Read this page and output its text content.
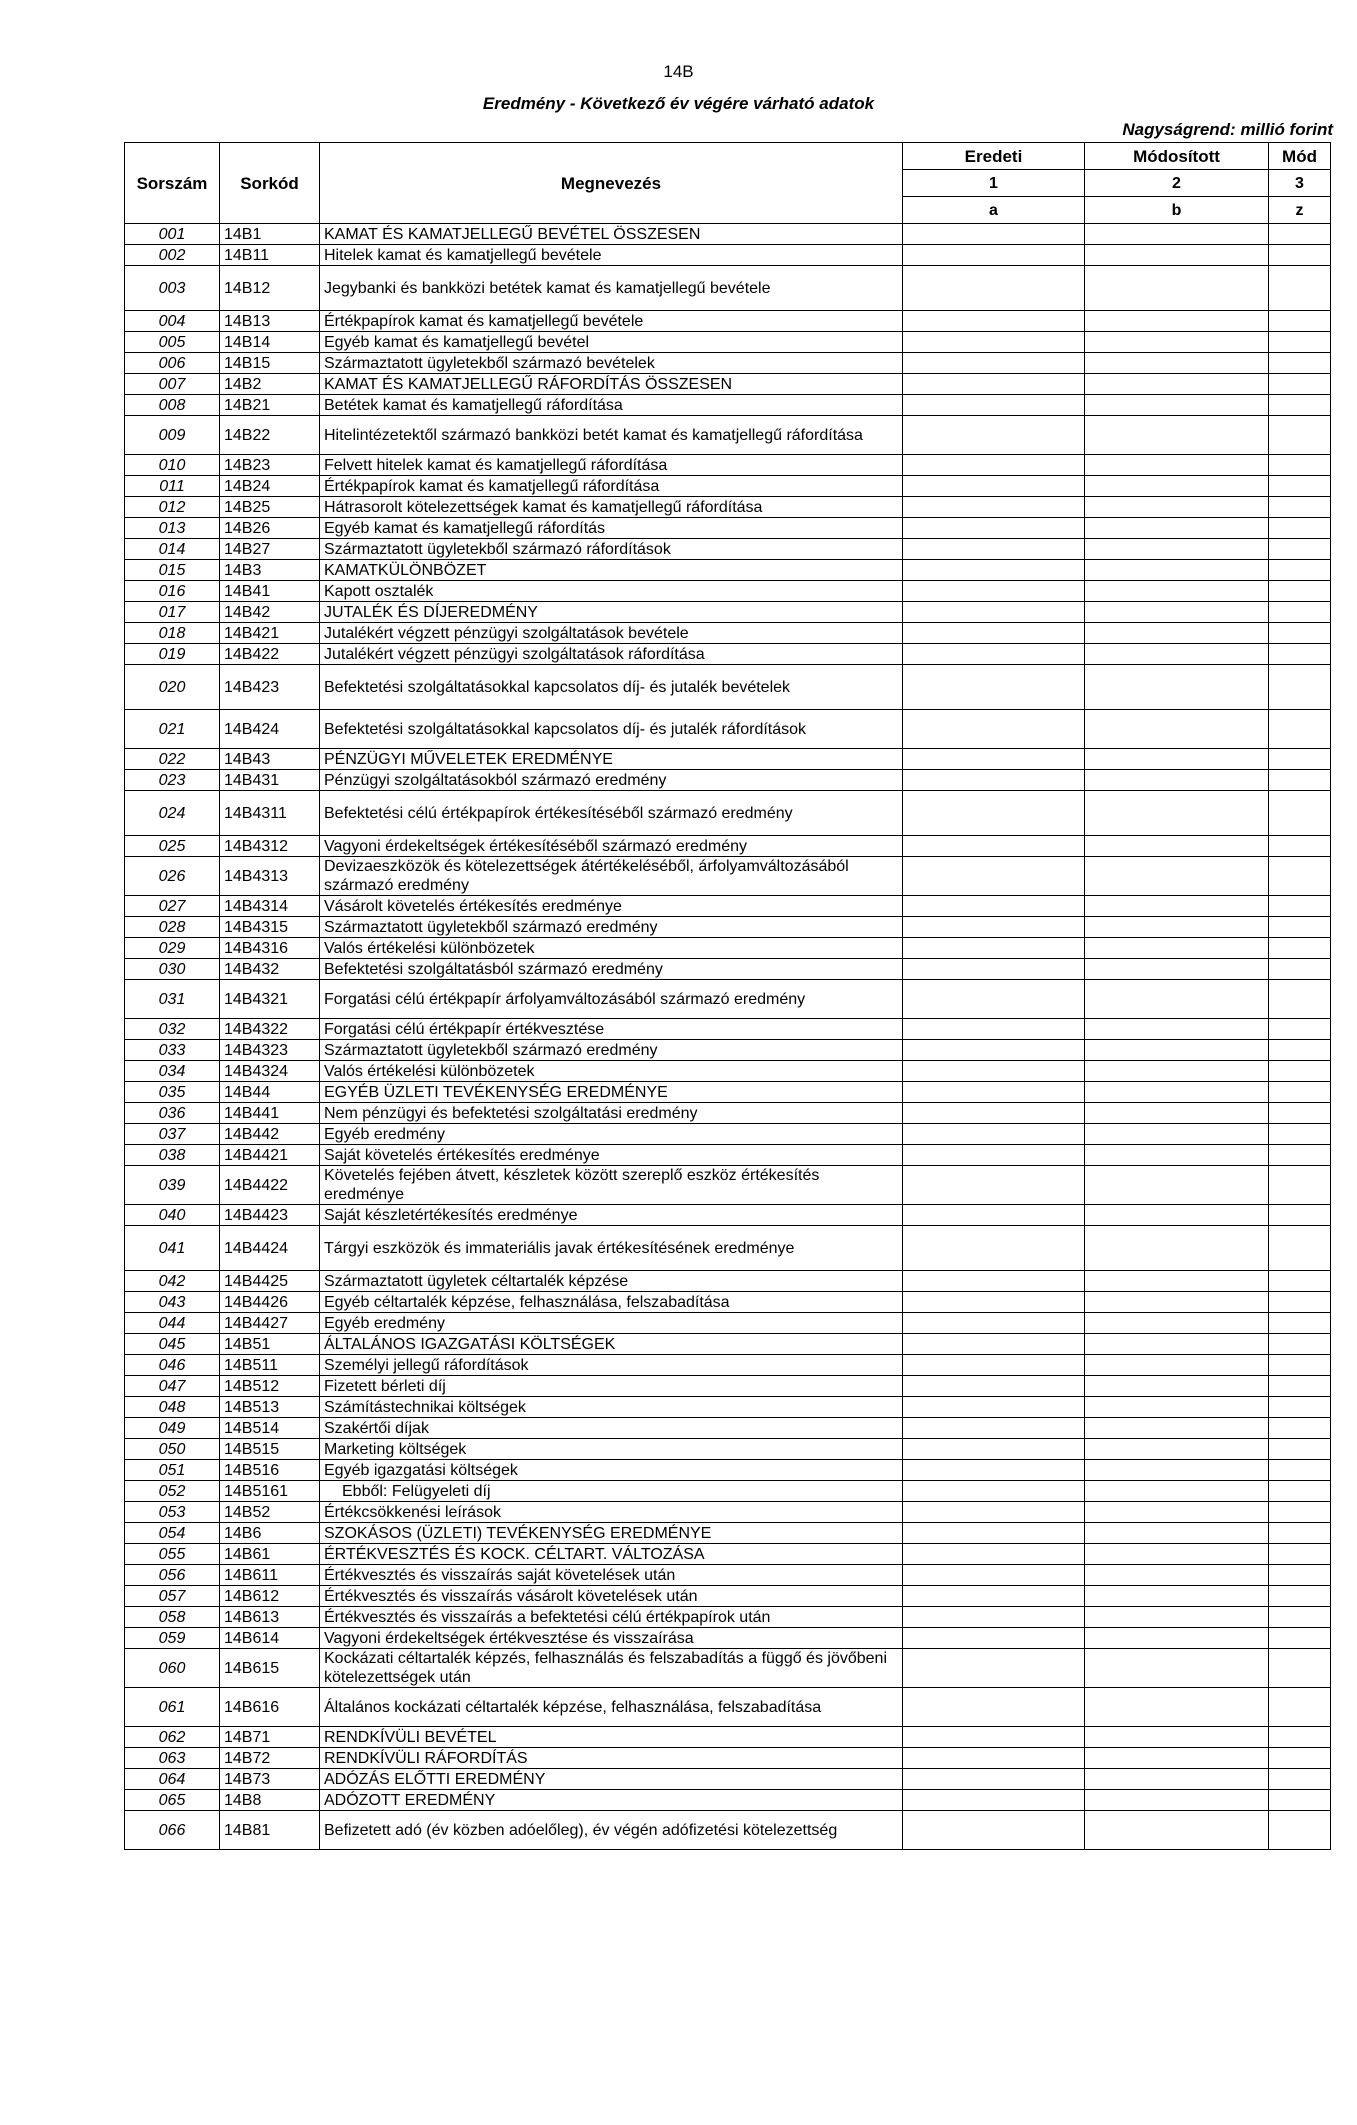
14B
Eredmény - Következő év végére várható adatok
Nagyságrend: millió forint
Sorszám	Sorkód	Megnevezés	Eredeti	Módosított	Mód
			1	2	3
			a	b	z
001	14B1	KAMAT ÉS KAMATJELLEGŰ BEVÉTEL ÖSSZESEN			
002	14B11	Hitelek kamat és kamatjellegű bevétele			
003	14B12	Jegybanki és bankközi betétek kamat és kamatjellegű bevétele			
004	14B13	Értékpapírok kamat és kamatjellegű bevétele			
005	14B14	Egyéb kamat és kamatjellegű bevétel			
006	14B15	Származtatott ügyletekből származó bevételek			
007	14B2	KAMAT ÉS KAMATJELLEGŰ RÁFORDÍTÁS ÖSSZESEN			
008	14B21	Betétek kamat és kamatjellegű ráfordítása			
009	14B22	Hitelintézetektől származó bankközi betét kamat és kamatjellegű ráfordítása			
010	14B23	Felvett hitelek kamat és kamatjellegű ráfordítása			
011	14B24	Értékpapírok kamat és kamatjellegű ráfordítása			
012	14B25	Hátrasorolt kötelezettségek kamat és kamatjellegű ráfordítása			
013	14B26	Egyéb kamat és kamatjellegű ráfordítás			
014	14B27	Származtatott ügyletekből származó ráfordítások			
015	14B3	KAMATKÜLÖNBÖZET			
016	14B41	Kapott osztalék			
017	14B42	JUTALÉK ÉS DÍJEREDMÉNY			
018	14B421	Jutalékért végzett pénzügyi szolgáltatások bevétele			
019	14B422	Jutalékért végzett pénzügyi szolgáltatások ráfordítása			
020	14B423	Befektetési szolgáltatásokkal kapcsolatos díj- és jutalék bevételek			
021	14B424	Befektetési szolgáltatásokkal kapcsolatos díj- és jutalék ráfordítások			
022	14B43	PÉNZÜGYI MŰVELETEK EREDMÉNYE			
023	14B431	Pénzügyi szolgáltatásokból származó eredmény			
024	14B4311	Befektetési célú értékpapírok értékesítéséből származó eredmény			
025	14B4312	Vagyoni érdekeltségek értékesítéséből származó eredmény			
026	14B4313	Devizaeszközök és kötelezettségek átértékeléséből, árfolyamváltozásából származó eredmény			
027	14B4314	Vásárolt követelés értékesítés eredménye			
028	14B4315	Származtatott ügyletekből származó eredmény			
029	14B4316	Valós értékelési különbözetek			
030	14B432	Befektetési szolgáltatásból származó eredmény			
031	14B4321	Forgatási célú értékpapír árfolyamváltozásából származó eredmény			
032	14B4322	Forgatási célú értékpapír értékvesztése			
033	14B4323	Származtatott ügyletekből származó eredmény			
034	14B4324	Valós értékelési különbözetek			
035	14B44	EGYÉB ÜZLETI TEVÉKENYSÉG EREDMÉNYE			
036	14B441	Nem pénzügyi és befektetési szolgáltatási eredmény			
037	14B442	Egyéb eredmény			
038	14B4421	Saját követelés értékesítés eredménye			
039	14B4422	Követelés fejében átvett, készletek között szereplő eszköz értékesítés eredménye			
040	14B4423	Saját készletértékesítés eredménye			
041	14B4424	Tárgyi eszközök és immateriális javak értékesítésének eredménye			
042	14B4425	Származtatott ügyletek céltartalék képzése			
043	14B4426	Egyéb céltartalék képzése, felhasználása, felszabadítása			
044	14B4427	Egyéb eredmény			
045	14B51	ÁLTALÁNOS IGAZGATÁSI KÖLTSÉGEK			
046	14B511	Személyi jellegű ráfordítások			
047	14B512	Fizetett bérleti díj			
048	14B513	Számítástechnikai költségek			
049	14B514	Szakértői díjak			
050	14B515	Marketing költségek			
051	14B516	Egyéb igazgatási költségek			
052	14B5161	Ebből: Felügyeleti díj			
053	14B52	Értékcsökkenési leírások			
054	14B6	SZOKÁSOS (ÜZLETI) TEVÉKENYSÉG EREDMÉNYE			
055	14B61	ÉRTÉKVESZTÉS ÉS KOCK. CÉLTART. VÁLTOZÁSA			
056	14B611	Értékvesztés és visszaírás saját követelések után			
057	14B612	Értékvesztés és visszaírás vásárolt követelések után			
058	14B613	Értékvesztés és visszaírás a befektetési célú értékpapírok után			
059	14B614	Vagyoni érdekeltségek értékvesztése és visszaírása			
060	14B615	Kockázati céltartalék képzés, felhasználás és felszabadítás a függő és jövőbeni kötelezettségek után			
061	14B616	Általános kockázati céltartalék képzése, felhasználása, felszabadítása			
062	14B71	RENDKÍVÜLI BEVÉTEL			
063	14B72	RENDKÍVÜLI RÁFORDÍTÁS			
064	14B73	ADÓZÁS ELŐTTI EREDMÉNY			
065	14B8	ADÓZOTT EREDMÉNY			
066	14B81	Befizetett adó (év közben adóelőleg), év végén adófizetési kötelezettség			
